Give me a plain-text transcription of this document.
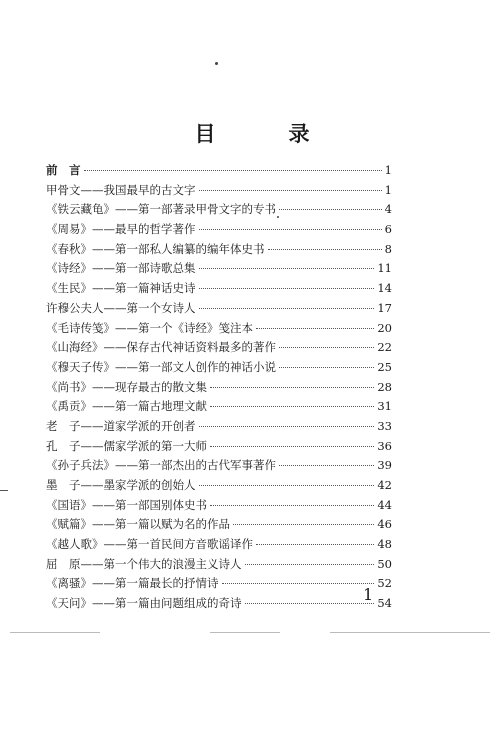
目　录
前　言	1
甲骨文——我国最早的古文字	1
《铁云藏龟》——第一部著录甲骨文字的专书	4
《周易》——最早的哲学著作	6
《春秋》——第一部私人编纂的编年体史书	8
《诗经》——第一部诗歌总集	11
《生民》——第一篇神话史诗	14
许穆公夫人——第一个女诗人	17
《毛诗传笺》——第一个《诗经》笺注本	20
《山海经》——保存古代神话资料最多的著作	22
《穆天子传》——第一部文人创作的神话小说	25
《尚书》——现存最古的散文集	28
《禹贡》——第一篇古地理文献	31
老　子——道家学派的开创者	33
孔　子——儒家学派的第一大师	36
《孙子兵法》——第一部杰出的古代军事著作	39
墨　子——墨家学派的创始人	42
《国语》——第一部国别体史书	44
《赋篇》——第一篇以赋为名的作品	46
《越人歌》——第一首民间方音歌谣译作	48
屈　原——第一个伟大的浪漫主义诗人	50
《离骚》——第一篇最长的抒情诗	52
《天问》——第一篇由问题组成的奇诗	54
1
